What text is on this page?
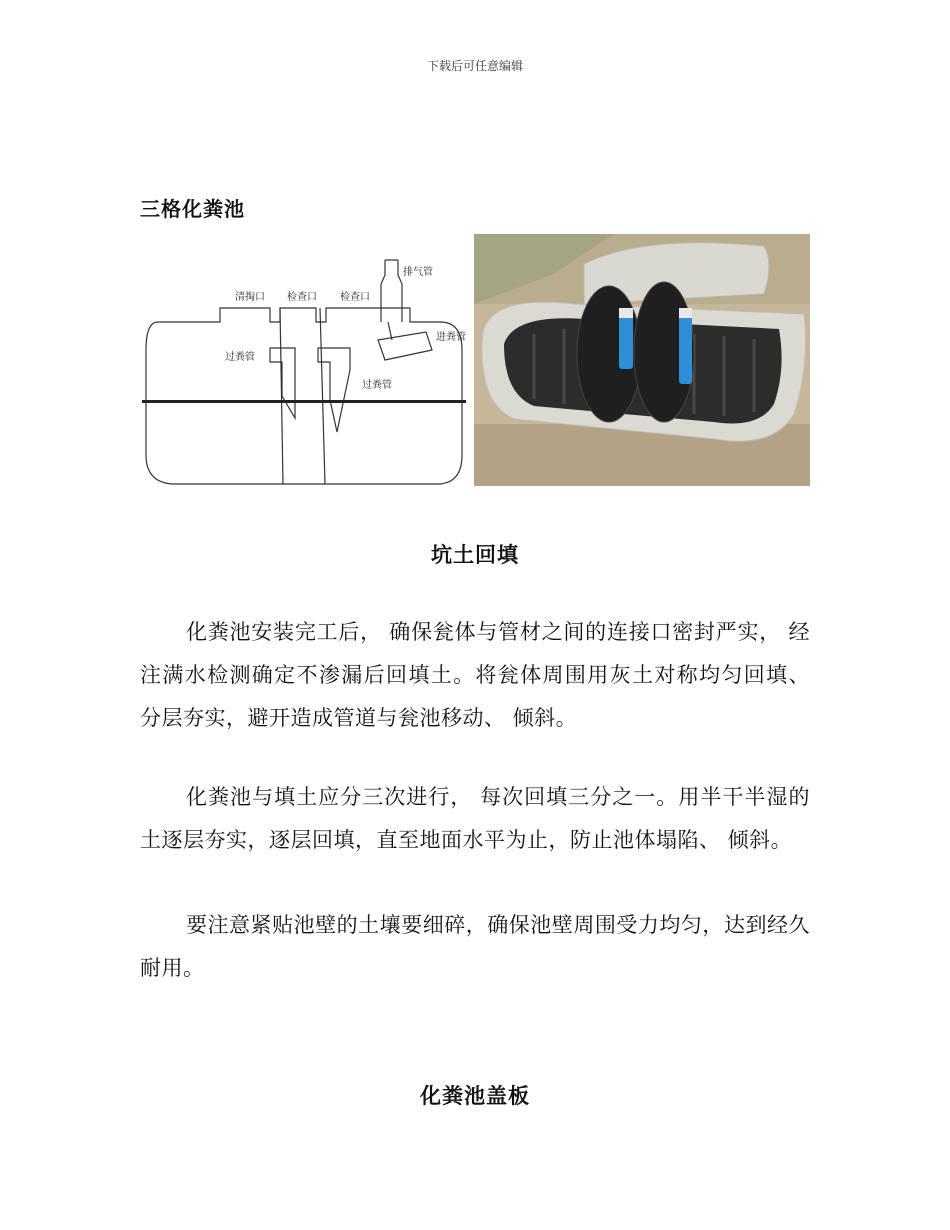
下载后可任意编辑
三格化粪池
排气管
清掏口 检查口 检查口
进粪管
过粪管
过粪管
坑土回填
化粪池安装完工后， 确保瓮体与管材之间的连接口密封严实， 经注满水检测确定不渗漏后回填土。将瓮体周围用灰土对称均匀回填、 分层夯实，避开造成管道与瓮池移动、 倾斜。
化粪池与填土应分三次进行， 每次回填三分之一。用半干半湿的土逐层夯实，逐层回填，直至地面水平为止，防止池体塌陷、 倾斜。
要注意紧贴池壁的土壤要细碎，确保池壁周围受力均匀，达到经久耐用。
化粪池盖板
